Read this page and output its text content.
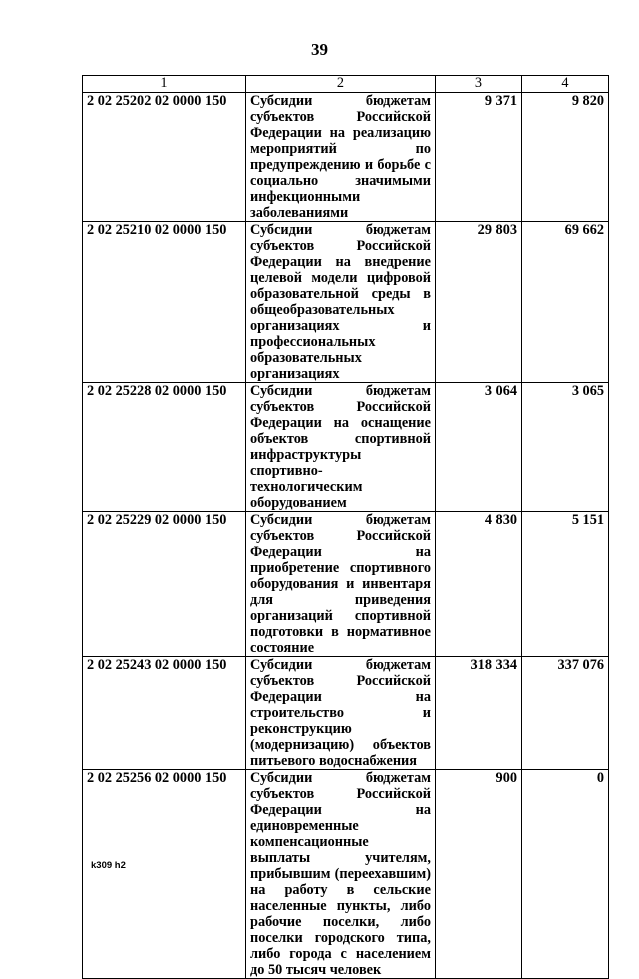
39
1	2	3	4
2 02 25202 02 0000 150	Субсидии бюджетам субъектов Российской Федерации на реализацию мероприятий по предупреждению и борьбе с социально значимыми инфекционными заболеваниями	9 371	9 820
2 02 25210 02 0000 150	Субсидии бюджетам субъектов Российской Федерации на внедрение целевой модели цифровой образовательной среды в общеобразовательных организациях и профессиональных образовательных организациях	29 803	69 662
2 02 25228 02 0000 150	Субсидии бюджетам субъектов Российской Федерации на оснащение объектов спортивной инфраструктуры спортивно-технологическим оборудованием	3 064	3 065
2 02 25229 02 0000 150	Субсидии бюджетам субъектов Российской Федерации на приобретение спортивного оборудования и инвентаря для приведения организаций спортивной подготовки в нормативное состояние	4 830	5 151
2 02 25243 02 0000 150	Субсидии бюджетам субъектов Российской Федерации на строительство и реконструкцию (модернизацию) объектов питьевого водоснабжения	318 334	337 076
2 02 25256 02 0000 150	Субсидии бюджетам субъектов Российской Федерации на единовременные компенсационные выплаты учителям, прибывшим (переехавшим) на работу в сельские населенные пункты, либо рабочие поселки, либо поселки городского типа, либо города с населением до 50 тысяч человек	900	0
k309 h2
